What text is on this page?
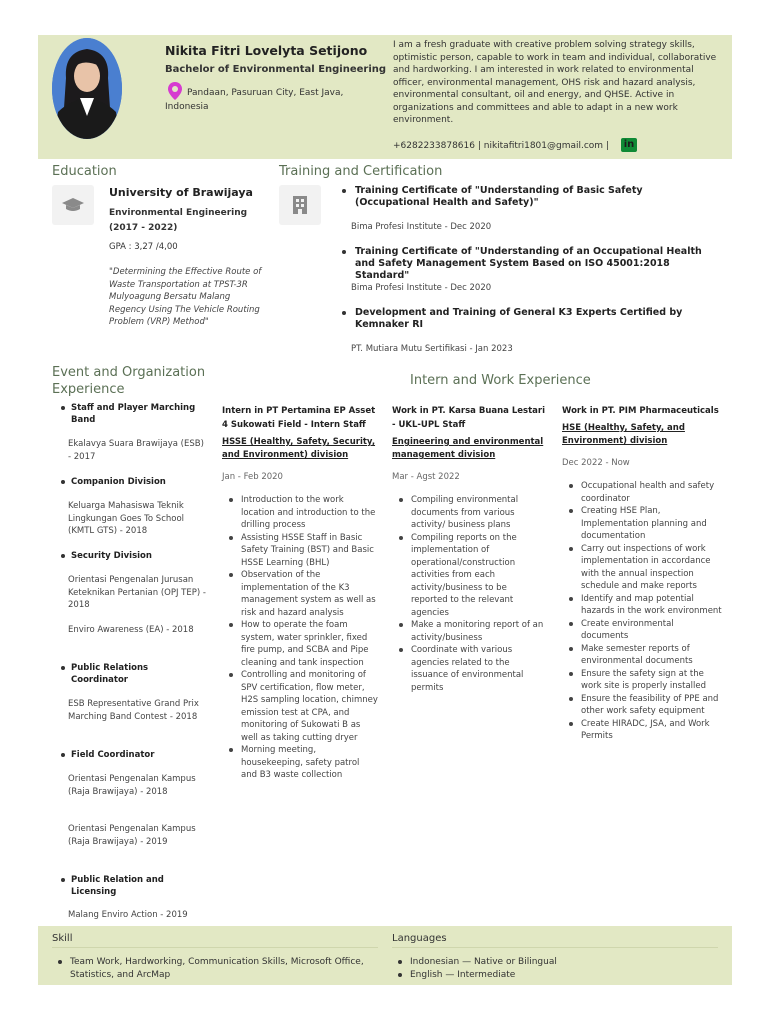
Nikita Fitri Lovelyta Setijono
Bachelor of Environmental Engineering
Pandaan, Pasuruan City, East Java, Indonesia
I am a fresh graduate with creative problem solving strategy skills, optimistic person, capable to work in team and individual, collaborative and hardworking. I am interested in work related to environmental officer, environmental management, OHS risk and hazard analysis, environmental consultant, oil and energy, and QHSE. Active in organizations and committees and able to adapt in a new work environment.
+6282233878616 | nikitafitri1801@gmail.com | in
Education
University of Brawijaya
Environmental Engineering (2017 - 2022)
GPA : 3,27 /4,00
"Determining the Effective Route of Waste Transportation at TPST-3R Mulyoagung Bersatu Malang Regency Using The Vehicle Routing Problem (VRP) Method"
Training and Certification
Training Certificate of "Understanding of Basic Safety (Occupational Health and Safety)"
Bima Profesi Institute - Dec 2020
Training Certificate of "Understanding of an Occupational Health and Safety Management System Based on ISO 45001:2018 Standard"
Bima Profesi Institute - Dec 2020
Development and Training of General K3 Experts Certified by Kemnaker RI
PT. Mutiara Mutu Sertifikasi - Jan 2023
Event and Organization Experience
Staff and Player Marching Band
Ekalavya Suara Brawijaya (ESB) - 2017
Companion Division
Keluarga Mahasiswa Teknik Lingkungan Goes To School (KMTL GTS) - 2018
Security Division
Orientasi Pengenalan Jurusan Keteknikan Pertanian (OPJ TEP) - 2018
Enviro Awareness (EA) - 2018
Public Relations Coordinator
ESB Representative Grand Prix Marching Band Contest - 2018
Field Coordinator
Orientasi Pengenalan Kampus (Raja Brawijaya) - 2018
Orientasi Pengenalan Kampus (Raja Brawijaya) - 2019
Public Relation and Licensing
Malang Enviro Action - 2019
Intern and Work Experience
Intern in PT Pertamina EP Asset 4 Sukowati Field - Intern Staff
HSSE (Healthy, Safety, Security, and Environment) division
Jan - Feb 2020
Introduction to the work location and introduction to the drilling process
Assisting HSSE Staff in Basic Safety Training (BST) and Basic HSSE Learning (BHL)
Observation of the implementation of the K3 management system as well as risk and hazard analysis
How to operate the foam system, water sprinkler, fixed fire pump, and SCBA and Pipe cleaning and tank inspection
Controlling and monitoring of SPV certification, flow meter, H2S sampling location, chimney emission test at CPA, and monitoring of Sukowati B as well as taking cutting dryer
Morning meeting, housekeeping, safety patrol and B3 waste collection
Work in PT. Karsa Buana Lestari - UKL-UPL Staff
Engineering and environmental management division
Mar - Agst 2022
Compiling environmental documents from various activity/ business plans
Compiling reports on the implementation of operational/construction activities from each activity/business to be reported to the relevant agencies
Make a monitoring report of an activity/business
Coordinate with various agencies related to the issuance of environmental permits
Work in PT. PIM Pharmaceuticals
HSE (Healthy, Safety, and Environment) division
Dec 2022 - Now
Occupational health and safety coordinator
Creating HSE Plan, Implementation planning and documentation
Carry out inspections of work implementation in accordance with the annual inspection schedule and make reports
Identify and map potential hazards in the work environment
Create environmental documents
Make semester reports of environmental documents
Ensure the safety sign at the work site is properly installed
Ensure the feasibility of PPE and other work safety equipment
Create HIRADC, JSA, and Work Permits
Skill
Team Work, Hardworking, Communication Skills, Microsoft Office, Statistics, and ArcMap
Languages
Indonesian — Native or Bilingual
English — Intermediate
